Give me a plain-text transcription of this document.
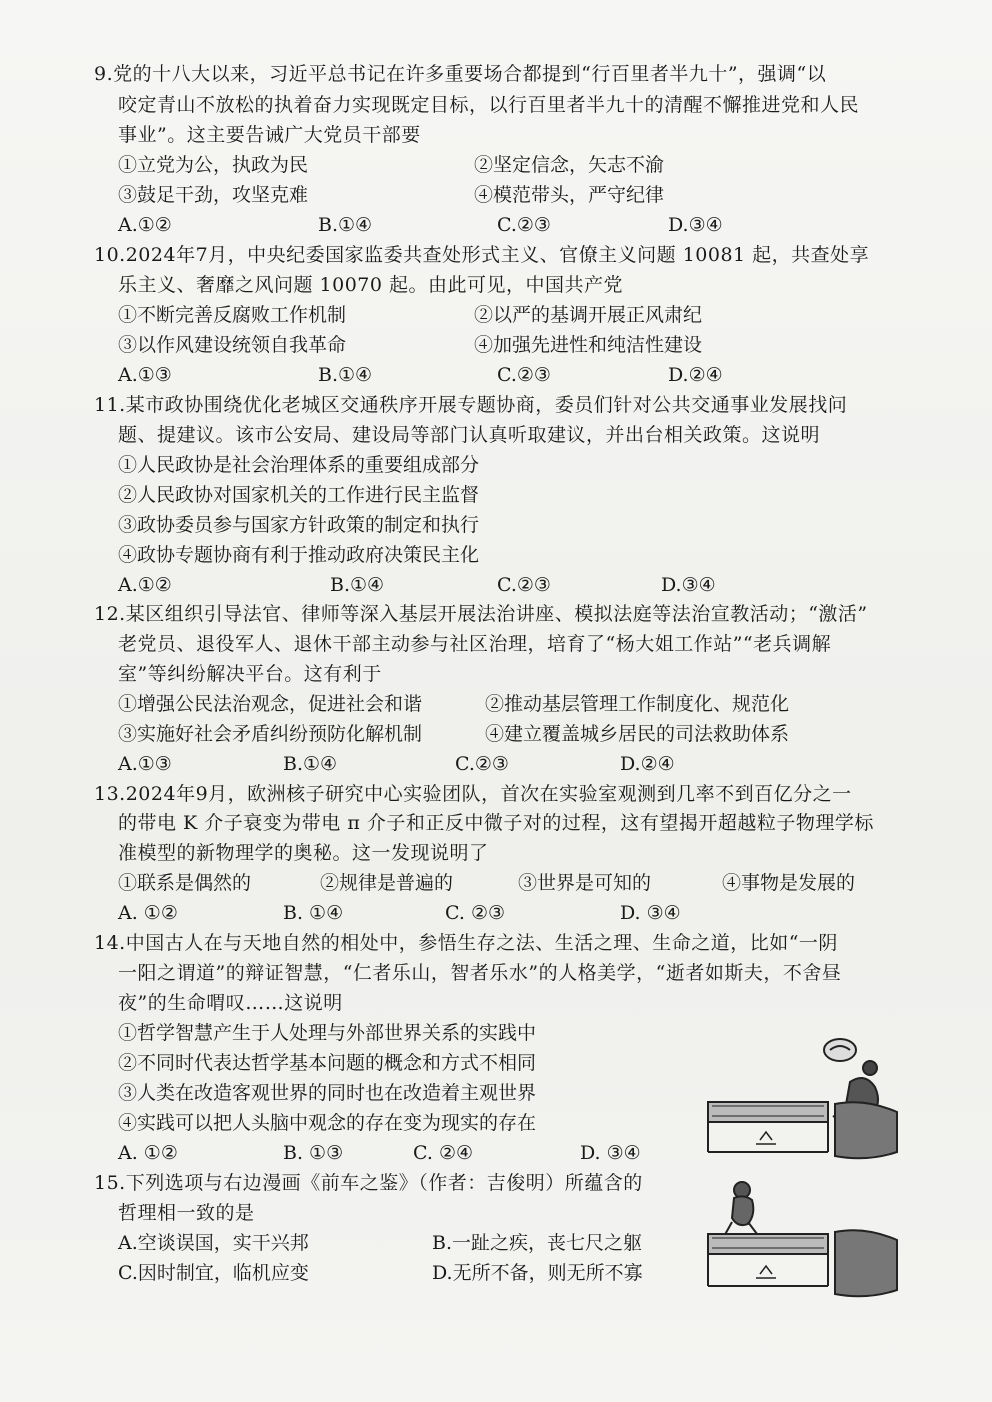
9.党的十八大以来，习近平总书记在许多重要场合都提到“行百里者半九十”，强调“以
咬定青山不放松的执着奋力实现既定目标，以行百里者半九十的清醒不懈推进党和人民
事业”。这主要告诫广大党员干部要
①立党为公，执政为民	②坚定信念，矢志不渝
③鼓足干劲，攻坚克难	④模范带头，严守纪律
A.①②	B.①④	C.②③	D.③④
10.2024年7月，中央纪委国家监委共查处形式主义、官僚主义问题 10081 起，共查处享
乐主义、奢靡之风问题 10070 起。由此可见，中国共产党
①不断完善反腐败工作机制	②以严的基调开展正风肃纪
③以作风建设统领自我革命	④加强先进性和纯洁性建设
A.①③	B.①④	C.②③	D.②④
11.某市政协围绕优化老城区交通秩序开展专题协商，委员们针对公共交通事业发展找问
题、提建议。该市公安局、建设局等部门认真听取建议，并出台相关政策。这说明
①人民政协是社会治理体系的重要组成部分
②人民政协对国家机关的工作进行民主监督
③政协委员参与国家方针政策的制定和执行
④政协专题协商有利于推动政府决策民主化
A.①②	B.①④	C.②③	D.③④
12.某区组织引导法官、律师等深入基层开展法治讲座、模拟法庭等法治宣教活动；“激活”
老党员、退役军人、退休干部主动参与社区治理，培育了“杨大姐工作站”“老兵调解
室”等纠纷解决平台。这有利于
①增强公民法治观念，促进社会和谐	②推动基层管理工作制度化、规范化
③实施好社会矛盾纠纷预防化解机制	④建立覆盖城乡居民的司法救助体系
A.①③	B.①④	C.②③	D.②④
13.2024年9月，欧洲核子研究中心实验团队，首次在实验室观测到几率不到百亿分之一
的带电 K 介子衰变为带电 π 介子和正反中微子对的过程，这有望揭开超越粒子物理学标
准模型的新物理学的奥秘。这一发现说明了
①联系是偶然的	②规律是普遍的	③世界是可知的	④事物是发展的
A. ①②	B. ①④	C. ②③	D. ③④
14.中国古人在与天地自然的相处中，参悟生存之法、生活之理、生命之道，比如“一阴
一阳之谓道”的辩证智慧，“仁者乐山，智者乐水”的人格美学，“逝者如斯夫，不舍昼
夜”的生命喟叹……这说明
①哲学智慧产生于人处理与外部世界关系的实践中
②不同时代表达哲学基本问题的概念和方式不相同
③人类在改造客观世界的同时也在改造着主观世界
④实践可以把人头脑中观念的存在变为现实的存在
A. ①②	B. ①③	C. ②④	D. ③④
15.下列选项与右边漫画《前车之鉴》（作者：吉俊明）所蕴含的
哲理相一致的是
A.空谈误国，实干兴邦	B.一趾之疾，丧七尺之躯
C.因时制宜，临机应变	D.无所不备，则无所不寡
